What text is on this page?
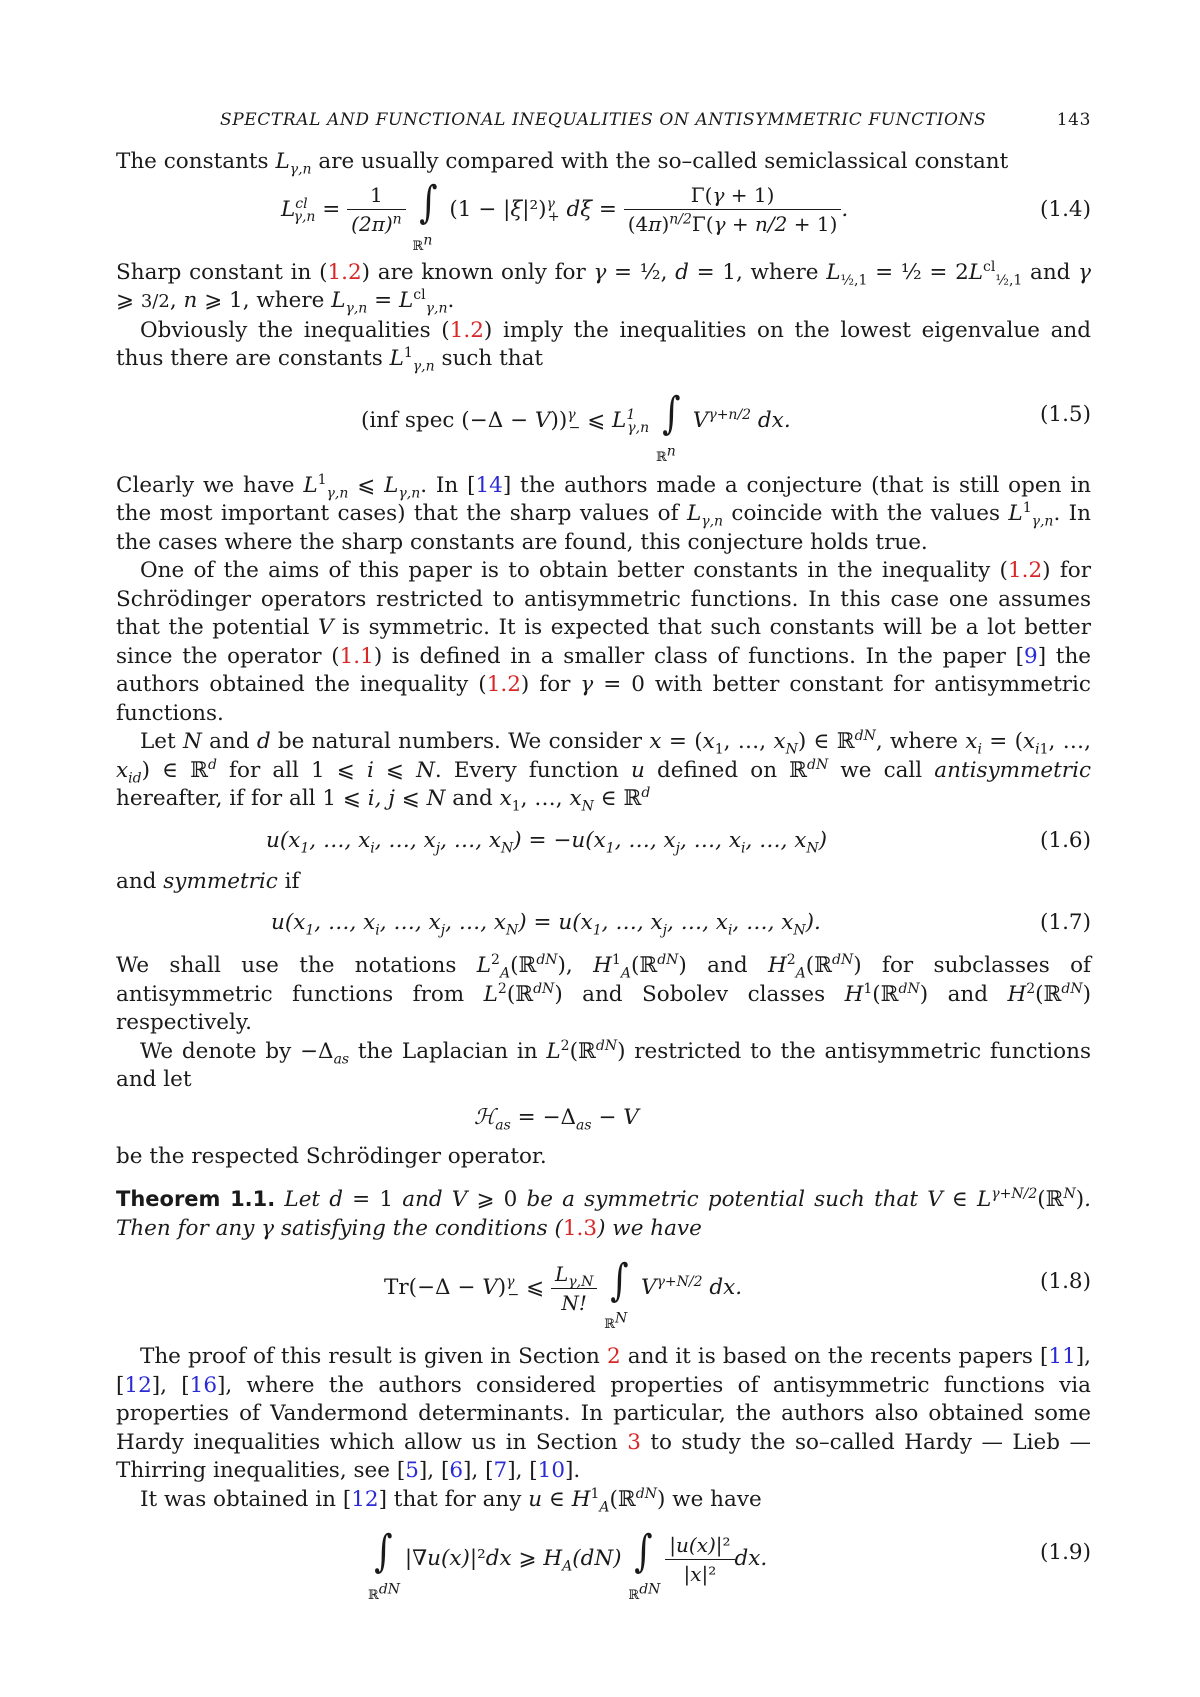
SPECTRAL AND FUNCTIONAL INEQUALITIES ON ANTISYMMETRIC FUNCTIONS	143

The constants $L_{\gamma,n}$ are usually compared with the so–called semiclassical constant

$L^{cl}_{\gamma,n} = \frac{1}{(2\pi)^n}$
∫
ℝ$^n$
$(1 - |\xi|^2)^\gamma_+$ $d\xi = \frac{\Gamma(\gamma + 1)}{(4\pi)^{n/2}\Gamma(\gamma + n/2 + 1)}$ .	(1.4)

Sharp constant in (1.2) are known only for γ = ½, d = 1, where $L_{\frac{1}{2},1}$ = ½ = $2L^{cl}_{\frac{1}{2},1}$ and γ ⩾ 3/2, n ⩾ 1, where $L_{\gamma,n} = L^{cl}_{\gamma,n}$.

Obviously the inequalities (1.2) imply the inequalities on the lowest eigenvalue and thus there are constants $L^1_{\gamma,n}$ such that

(inf spec (−Δ − V))$^\gamma_-$ ⩽ $L^1_{\gamma,n}$ ∫
ℝ$^n$
$V^{\gamma+n/2}$ dx.	(1.5)

Clearly we have $L^1_{\gamma,n}$ ⩽ $L_{\gamma,n}$. In [14] the authors made a conjecture (that is still open in the most important cases) that the sharp values of $L_{\gamma,n}$ coincide with the values $L^1_{\gamma,n}$. In the cases where the sharp constants are found, this conjecture holds true.

One of the aims of this paper is to obtain better constants in the inequality (1.2) for Schrödinger operators restricted to antisymmetric functions. In this case one assumes that the potential V is symmetric. It is expected that such constants will be a lot better since the operator (1.1) is defined in a smaller class of functions. In the paper [9] the authors obtained the inequality (1.2) for γ = 0 with better constant for antisymmetric functions.

Let N and d be natural numbers. We consider $x = (x_1$, …, $x_N$) ∈ ℝ$^{dN}$, where $x_i = (x_{i1}$, …, $x_{id}$) ∈ ℝ$^d$ for all 1 ⩽ i ⩽ N. Every function u defined on ℝ$^{dN}$ we call antisymmetric hereafter, if for all 1 ⩽ i, j ⩽ N and $x_1$, …, $x_N$ ∈ ℝ$^d$

$u(x_1$, …, $x_i$, …, $x_j$, …, $x_N) = -u(x_1$, …, $x_j$, …, $x_i$, …, $x_N$)	(1.6)

and symmetric if

$u(x_1$, …, $x_i$, …, $x_j$, …, $x_N) = u(x_1$, …, $x_j$, …, $x_i$, …, $x_N$).	(1.7)

We shall use the notations $L^2_A(ℝ^{dN})$, $H^1_A(ℝ^{dN})$ and $H^2_A(ℝ^{dN})$ for subclasses of antisymmetric functions from $L^2(ℝ^{dN})$ and Sobolev classes $H^1(ℝ^{dN})$ and $H^2(ℝ^{dN})$ respectively.

We denote by $-\Delta_{as}$ the Laplacian in $L^2(ℝ^{dN})$ restricted to the antisymmetric functions and let

ℋ$_{as}$ = $-\Delta_{as} - V$

be the respected Schrödinger operator.

Theorem 1.1. Let d = 1 and V ⩾ 0 be a symmetric potential such that V ∈ $L^{\gamma+N/2}(ℝ^N)$. Then for any γ satisfying the conditions (1.3) we have

$Tr(-\Delta - V)^\gamma_-$ ⩽ $\frac{L_{\gamma,N}}{N!}$
∫
ℝ$^N$
$V^{\gamma+N/2}$ dx.	(1.8)

The proof of this result is given in Section 2 and it is based on the recents papers [11], [12], [16], where the authors considered properties of antisymmetric functions via properties of Vandermond determinants. In particular, the authors also obtained some Hardy inequalities which allow us in Section 3 to study the so–called Hardy — Lieb — Thirring inequalities, see [5], [6], [7], [10].

It was obtained in [12] that for any u ∈ $H^1_A(ℝ^{dN})$ we have

∫
ℝ$^{dN}$
|∇u(x)|²dx ⩾ $H_A(dN)$ ∫
ℝ$^{dN}$

$\frac{\text{|u(x)|²}}{\text{|x|²}}$ dx.	(1.9)
